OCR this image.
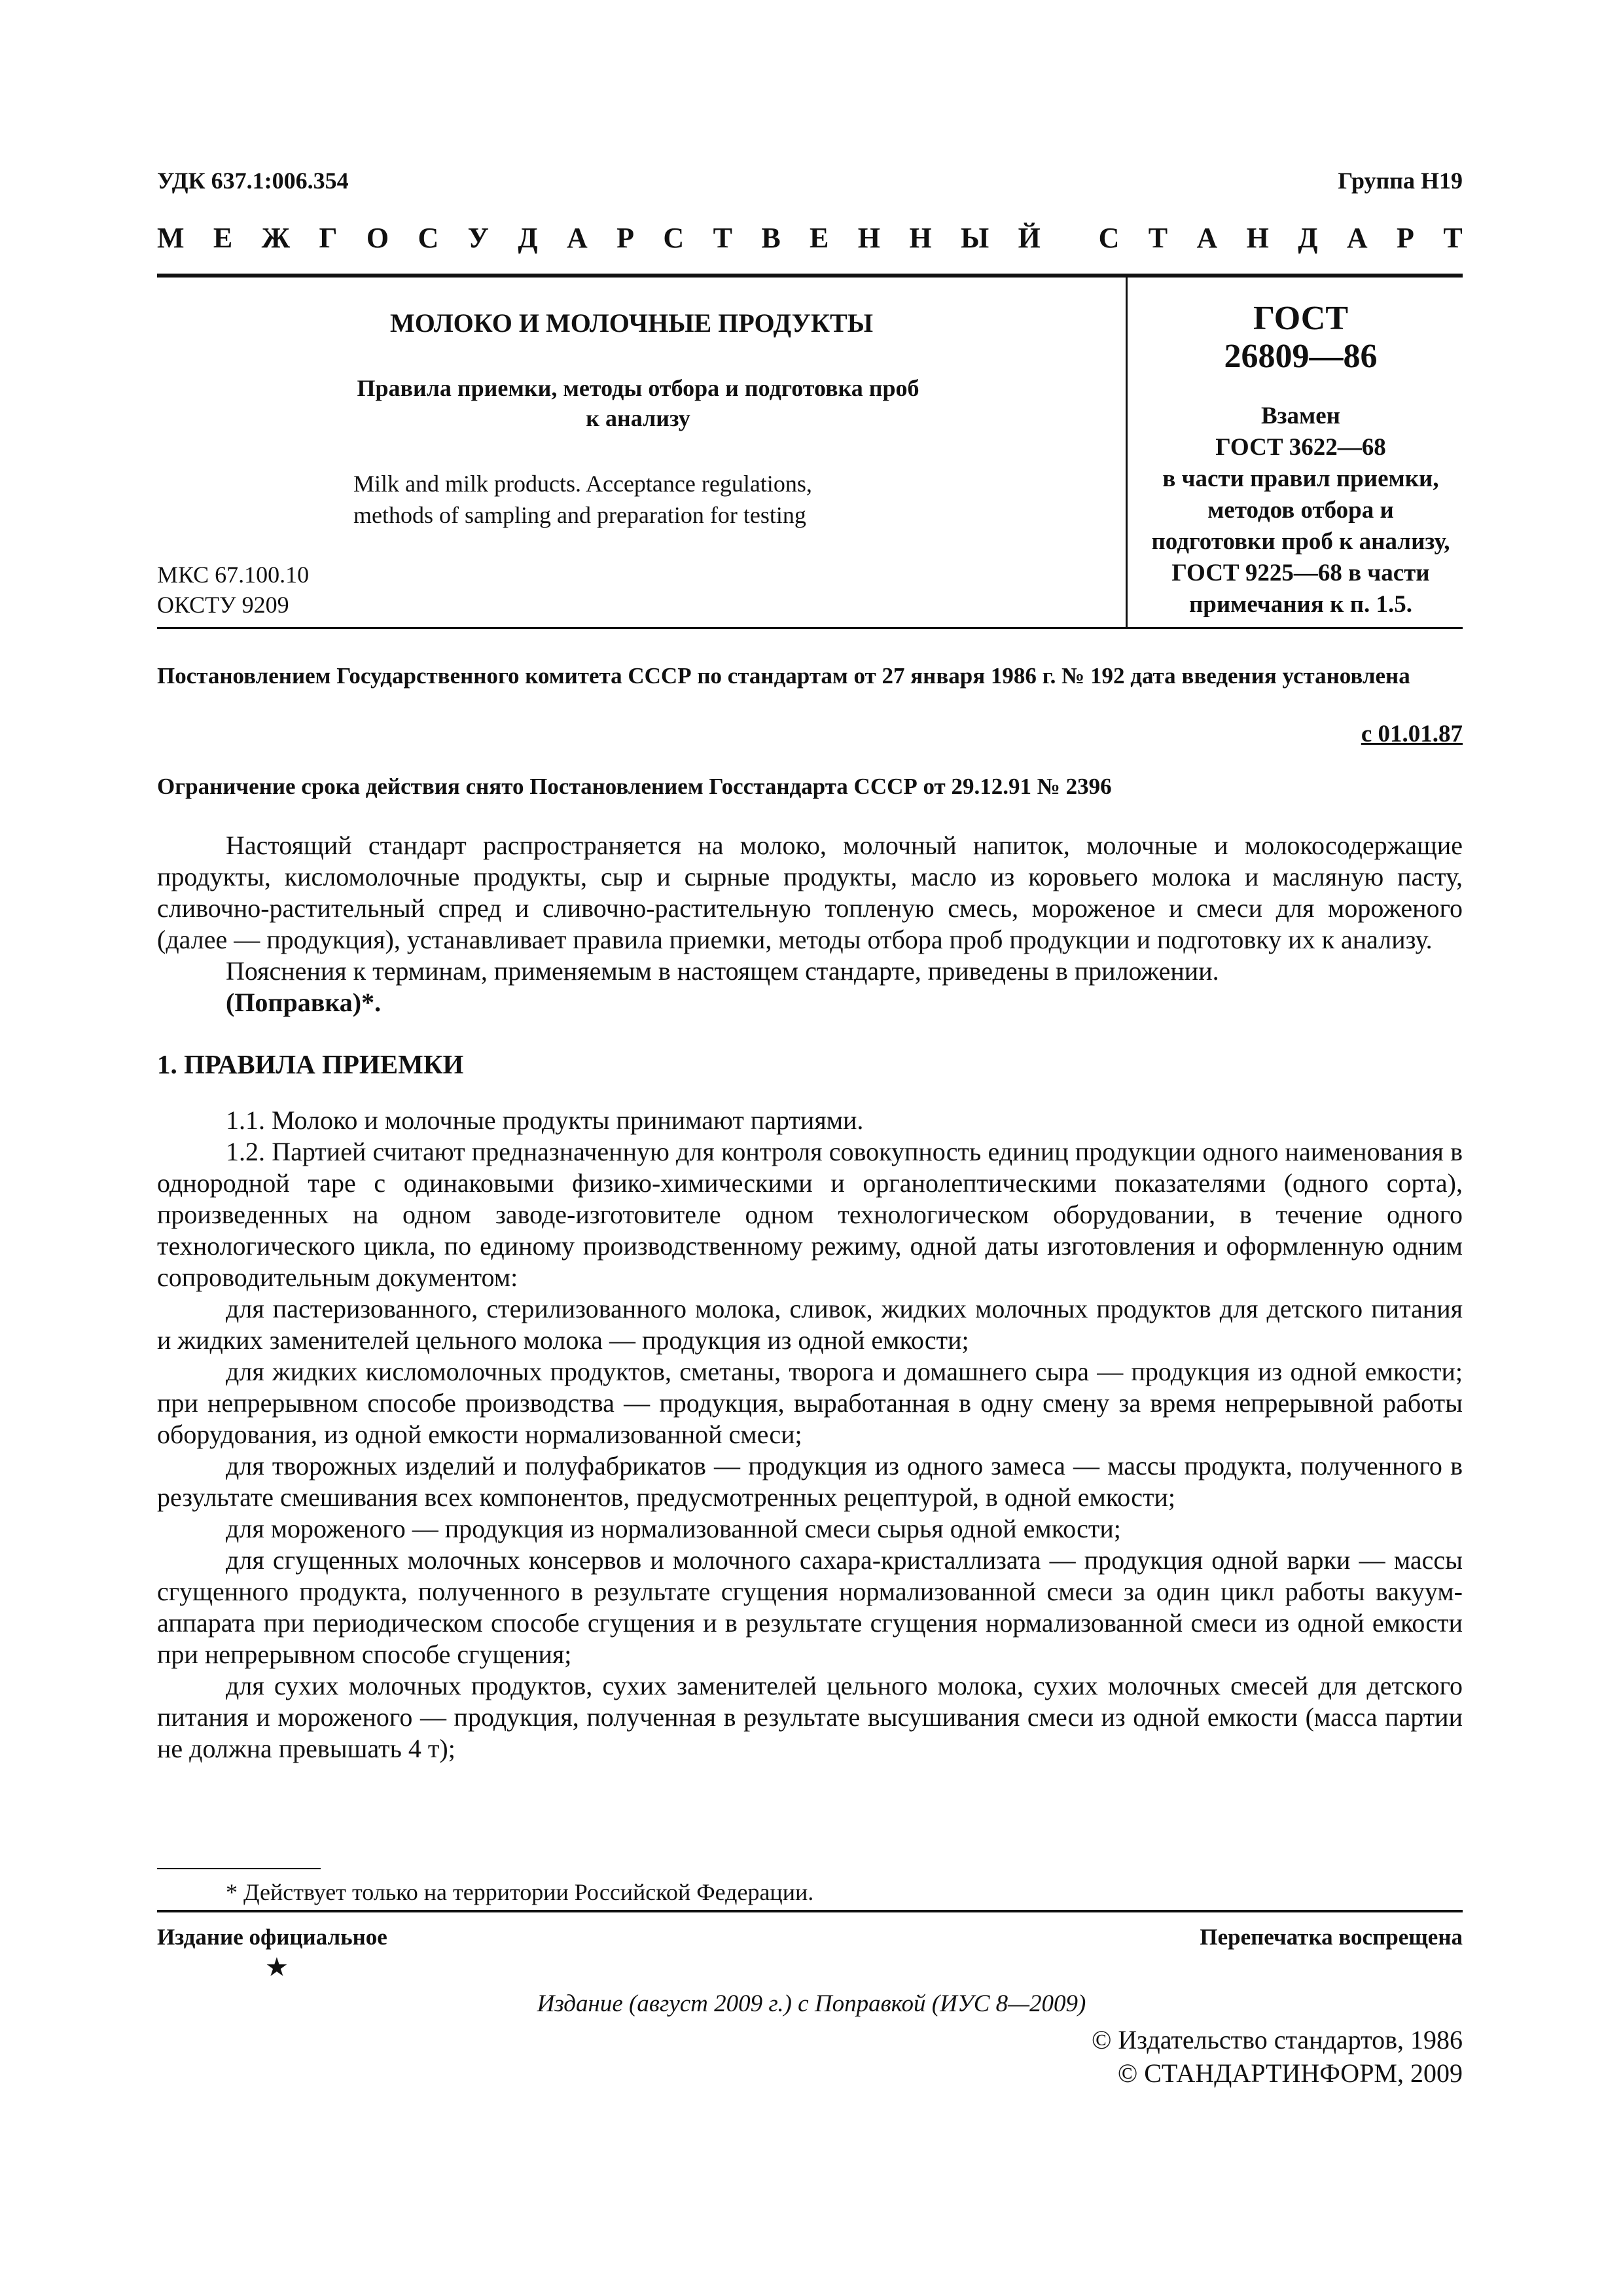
УДК 637.1:006.354	Группа Н19
М Е Ж Г О С У Д А Р С Т В Е Н Н Ы Й С Т А Н Д А Р Т
МОЛОКО И МОЛОЧНЫЕ ПРОДУКТЫ
Правила приемки, методы отбора и подготовка проб
к анализу
Milk and milk products. Acceptance regulations,
methods of sampling and preparation for testing
МКС 67.100.10
ОКСТУ 9209
ГОСТ
26809—86
Взамен
ГОСТ 3622—68
в части правил приемки,
методов отбора и
подготовки проб к анализу,
ГОСТ 9225—68 в части
примечания к п. 1.5.
Постановлением Государственного комитета СССР по стандартам от 27 января 1986 г. № 192 дата введения установлена
с 01.01.87
Ограничение срока действия снято Постановлением Госстандарта СССР от 29.12.91 № 2396

Настоящий стандарт распространяется на молоко, молочный напиток, молочные и молокосодержащие продукты, кисломолочные продукты, сыр и сырные продукты, масло из коровьего молока и масляную пасту, сливочно-растительный спред и сливочно-растительную топленую смесь, мороженое и смеси для мороженого (далее — продукция), устанавливает правила приемки, методы отбора проб продукции и подготовку их к анализу.

Пояснения к терминам, применяемым в настоящем стандарте, приведены в приложении.

(Поправка)*.

1. ПРАВИЛА ПРИЕМКИ

1.1. Молоко и молочные продукты принимают партиями.

1.2. Партией считают предназначенную для контроля совокупность единиц продукции одного наименования в однородной таре с одинаковыми физико-химическими и органолептическими показателями (одного сорта), произведенных на одном заводе-изготовителе одном технологическом оборудовании, в течение одного технологического цикла, по единому производственному режиму, одной даты изготовления и оформленную одним сопроводительным документом:

для пастеризованного, стерилизованного молока, сливок, жидких молочных продуктов для детского питания и жидких заменителей цельного молока — продукция из одной емкости;

для жидких кисломолочных продуктов, сметаны, творога и домашнего сыра — продукция из одной емкости; при непрерывном способе производства — продукция, выработанная в одну смену за время непрерывной работы оборудования, из одной емкости нормализованной смеси;

для творожных изделий и полуфабрикатов — продукция из одного замеса — массы продукта, полученного в результате смешивания всех компонентов, предусмотренных рецептурой, в одной емкости;

для мороженого — продукция из нормализованной смеси сырья одной емкости;

для сгущенных молочных консервов и молочного сахара-кристаллизата — продукция одной варки — массы сгущенного продукта, полученного в результате сгущения нормализованной смеси за один цикл работы вакуум-аппарата при периодическом способе сгущения и в результате сгущения нормализованной смеси из одной емкости при непрерывном способе сгущения;

для сухих молочных продуктов, сухих заменителей цельного молока, сухих молочных смесей для детского питания и мороженого — продукция, полученная в результате высушивания смеси из одной емкости (масса партии не должна превышать 4 т);

* Действует только на территории Российской Федерации.
Издание официальное
★
Перепечатка воспрещена
Издание (август 2009 г.) с Поправкой (ИУС 8—2009)
© Издательство стандартов, 1986
© СТАНДАРТИНФОРМ, 2009
